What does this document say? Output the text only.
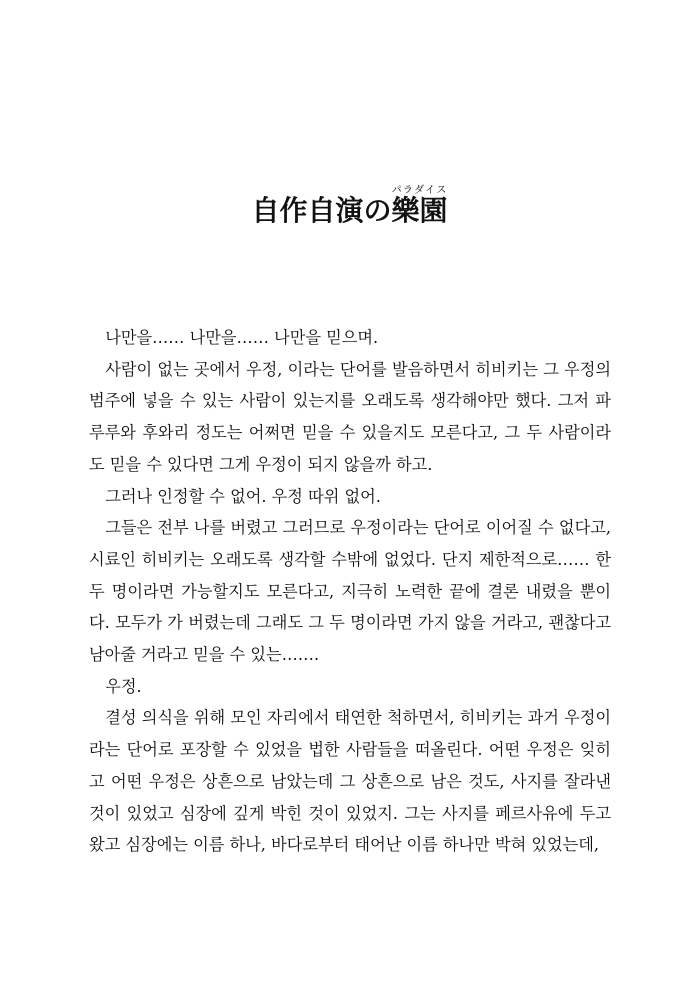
自作自演の樂園パラダイス

나만을…… 나만을…… 나만을 믿으며.

사람이 없는 곳에서 우정, 이라는 단어를 발음하면서 히비키는 그 우정의 범주에 넣을 수 있는 사람이 있는지를 오래도록 생각해야만 했다. 그저 파루루와 후와리 정도는 어쩌면 믿을 수 있을지도 모른다고, 그 두 사람이라도 믿을 수 있다면 그게 우정이 되지 않을까 하고.

그러나 인정할 수 없어. 우정 따위 없어.

그들은 전부 나를 버렸고 그러므로 우정이라는 단어로 이어질 수 없다고, 시료인 히비키는 오래도록 생각할 수밖에 없었다. 단지 제한적으로…… 한두 명이라면 가능할지도 모른다고, 지극히 노력한 끝에 결론 내렸을 뿐이다. 모두가 가 버렸는데 그래도 그 두 명이라면 가지 않을 거라고, 괜찮다고 남아줄 거라고 믿을 수 있는…….

우정.

결성 의식을 위해 모인 자리에서 태연한 척하면서, 히비키는 과거 우정이라는 단어로 포장할 수 있었을 법한 사람들을 떠올린다. 어떤 우정은 잊히고 어떤 우정은 상흔으로 남았는데 그 상흔으로 남은 것도, 사지를 잘라낸 것이 있었고 심장에 깊게 박힌 것이 있었지. 그는 사지를 페르사유에 두고 왔고 심장에는 이름 하나, 바다로부터 태어난 이름 하나만 박혀 있었는데,
